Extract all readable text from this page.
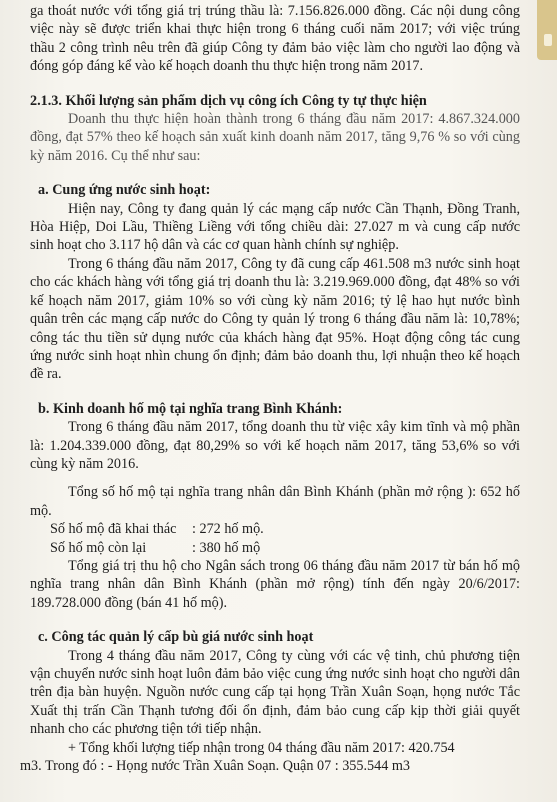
ga thoát nước với tổng giá trị trúng thầu là: 7.156.826.000 đồng. Các nội dung công việc này sẽ được triển khai thực hiện trong 6 tháng cuối năm 2017; với việc trúng thầu 2 công trình nêu trên đã giúp Công ty đảm bảo việc làm cho người lao động và đóng góp đáng kể vào kế hoạch doanh thu thực hiện trong năm 2017.

2.1.3. Khối lượng sản phẩm dịch vụ công ích Công ty tự thực hiện

Doanh thu thực hiện hoàn thành trong 6 tháng đầu năm 2017: 4.867.324.000 đồng, đạt 57% theo kế hoạch sản xuất kinh doanh năm 2017, tăng 9,76 % so với cùng kỳ năm 2016. Cụ thể như sau:

a. Cung ứng nước sinh hoạt:

Hiện nay, Công ty đang quản lý các mạng cấp nước Cần Thạnh, Đồng Tranh, Hòa Hiệp, Doi Lầu, Thiềng Liềng với tổng chiều dài: 27.027 m và cung cấp nước sinh hoạt cho 3.117 hộ dân và các cơ quan hành chính sự nghiệp.

Trong 6 tháng đầu năm 2017, Công ty đã cung cấp 461.508 m3 nước sinh hoạt cho các khách hàng với tổng giá trị doanh thu là: 3.219.969.000 đồng, đạt 48% so với kế hoạch năm 2017, giảm 10% so với cùng kỳ năm 2016; tỷ lệ hao hụt nước bình quân trên các mạng cấp nước do Công ty quản lý trong 6 tháng đầu năm là: 10,78%; công tác thu tiền sử dụng nước của khách hàng đạt 95%. Hoạt động công tác cung ứng nước sinh hoạt nhìn chung ổn định; đảm bảo doanh thu, lợi nhuận theo kế hoạch đề ra.

b. Kinh doanh hố mộ tại nghĩa trang Bình Khánh:

Trong 6 tháng đầu năm 2017, tổng doanh thu từ việc xây kim tĩnh và mộ phần là: 1.204.339.000 đồng, đạt 80,29% so với kế hoạch năm 2017, tăng 53,6% so với cùng kỳ năm 2016.

Tổng số hố mộ tại nghĩa trang nhân dân Bình Khánh (phần mở rộng ): 652 hố mộ.

Số hố mộ đã khai thác	: 272 hố mộ.
Số hố mộ còn lại	: 380 hố mộ

Tổng giá trị thu hộ cho Ngân sách trong 06 tháng đầu năm 2017 từ bán hố mộ nghĩa trang nhân dân Bình Khánh (phần mở rộng) tính đến ngày 20/6/2017: 189.728.000 đồng (bán 41 hố mộ).

c. Công tác quản lý cấp bù giá nước sinh hoạt

Trong 4 tháng đầu năm 2017, Công ty cùng với các vệ tinh, chủ phương tiện vận chuyển nước sinh hoạt luôn đảm bảo việc cung ứng nước sinh hoạt cho người dân trên địa bàn huyện. Nguồn nước cung cấp tại họng Trần Xuân Soạn, họng nước Tắc Xuất thị trấn Cần Thạnh tương đối ổn định, đảm bảo cung cấp kịp thời giải quyết nhanh cho các phương tiện tới tiếp nhận.

+ Tổng khối lượng tiếp nhận trong 04 tháng đầu năm 2017: 420.754

m3. Trong đó : - Họng nước Trần Xuân Soạn. Quận 07 : 355.544 m3
